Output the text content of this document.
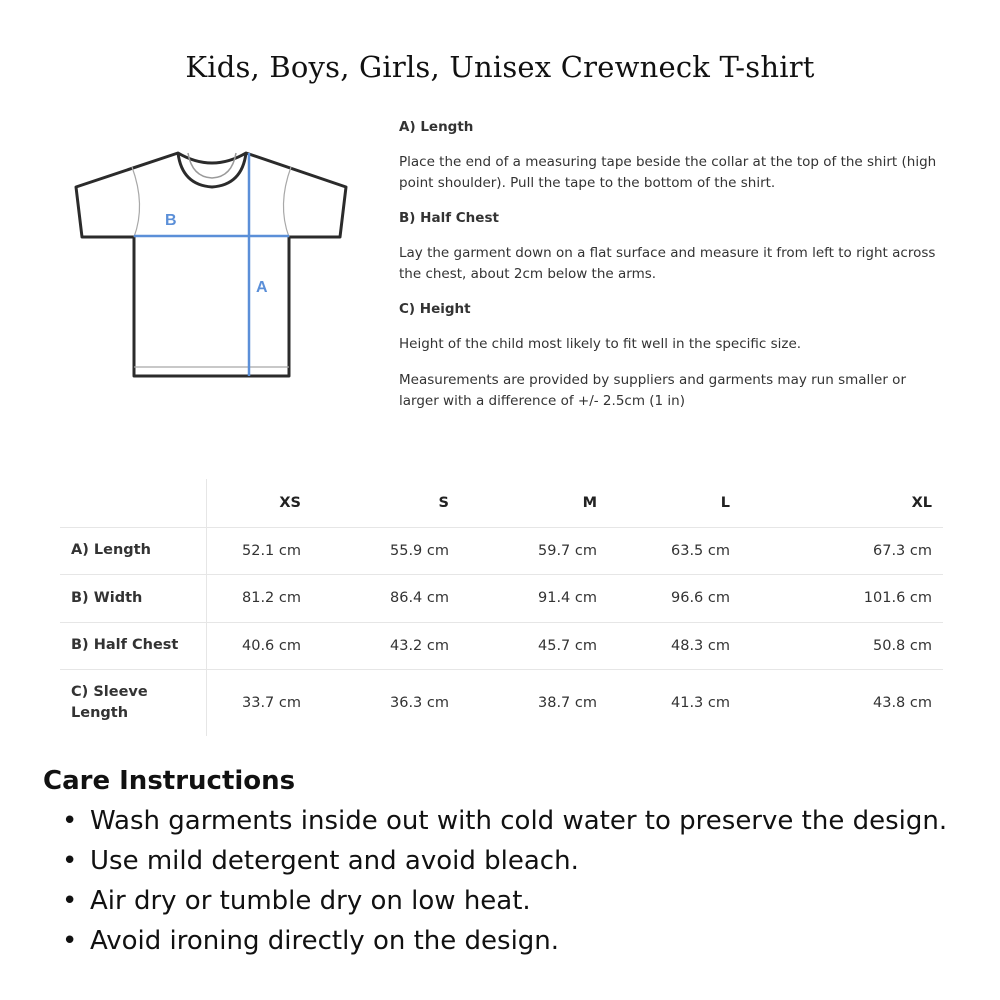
Kids, Boys, Girls, Unisex Crewneck T-shirt
B
A

A) Length

Place the end of a measuring tape beside the collar at the top of the shirt (high point shoulder). Pull the tape to the bottom of the shirt.

B) Half Chest

Lay the garment down on a flat surface and measure it from left to right across the chest, about 2cm below the arms.

C) Height

Height of the child most likely to fit well in the specific size.

Measurements are provided by suppliers and garments may run smaller or larger with a difference of +/- 2.5cm (1 in)

	XS	S	M	L	XL
A) Length	52.1 cm	55.9 cm	59.7 cm	63.5 cm	67.3 cm
B) Width	81.2 cm	86.4 cm	91.4 cm	96.6 cm	101.6 cm
B) Half Chest	40.6 cm	43.2 cm	45.7 cm	48.3 cm	50.8 cm
C) Sleeve Length	33.7 cm	36.3 cm	38.7 cm	41.3 cm	43.8 cm
Care Instructions
• Wash garments inside out with cold water to preserve the design.
• Use mild detergent and avoid bleach.
• Air dry or tumble dry on low heat.
• Avoid ironing directly on the design.
